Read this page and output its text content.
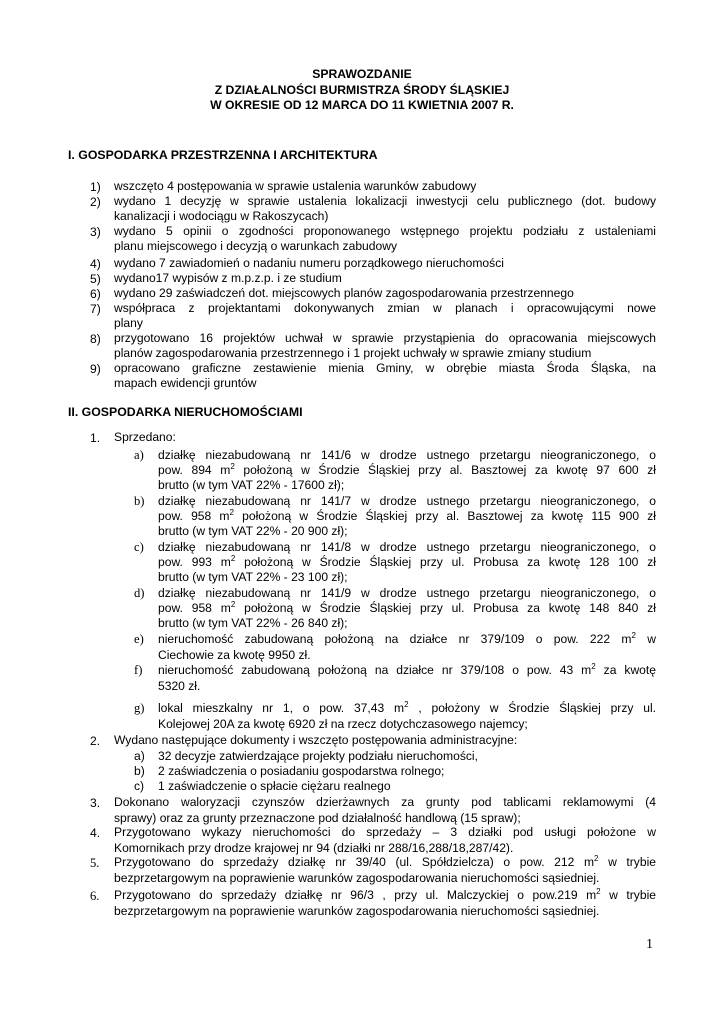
SPRAWOZDANIE
Z DZIAŁALNOŚCI BURMISTRZA ŚRODY ŚLĄSKIEJ
W OKRESIE OD 12 MARCA DO 11 KWIETNIA 2007 R.
I. GOSPODARKA PRZESTRZENNA I ARCHITEKTURA
1) wszczęto 4 postępowania w sprawie ustalenia warunków zabudowy
2) wydano 1 decyzję w sprawie ustalenia lokalizacji inwestycji celu publicznego (dot. budowy
kanalizacji i wodociągu w Rakoszycach)
3) wydano 5 opinii o zgodności proponowanego wstępnego projektu podziału z ustaleniami
planu miejscowego i decyzją o warunkach zabudowy
4) wydano 7 zawiadomień o nadaniu numeru porządkowego nieruchomości
5) wydano17 wypisów z m.p.z.p. i ze studium
6) wydano 29 zaświadczeń dot. miejscowych planów zagospodarowania przestrzennego
7) współpraca z projektantami dokonywanych zmian w planach i opracowującymi nowe
plany
8) przygotowano 16 projektów uchwał w sprawie przystąpienia do opracowania miejscowych
planów zagospodarowania przestrzennego i 1 projekt uchwały w sprawie zmiany studium
9) opracowano graficzne zestawienie mienia Gminy, w obrębie miasta Środa Śląska, na
mapach ewidencji gruntów
II. GOSPODARKA NIERUCHOMOŚCIAMI
1. Sprzedano:
a) działkę niezabudowaną nr 141/6 w drodze ustnego przetargu nieograniczonego, o
pow. 894 $m^2$ położoną w Środzie Śląskiej przy al. Basztowej za kwotę 97 600 zł
brutto (w tym VAT 22% - 17600 zł);
b) działkę niezabudowaną nr 141/7 w drodze ustnego przetargu nieograniczonego, o
pow. 958 $m^2$ położoną w Środzie Śląskiej przy al. Basztowej za kwotę 115 900 zł
brutto (w tym VAT 22% - 20 900 zł);
c) działkę niezabudowaną nr 141/8 w drodze ustnego przetargu nieograniczonego, o
pow. 993 $m^2$ położoną w Środzie Śląskiej przy ul. Probusa za kwotę 128 100 zł
brutto (w tym VAT 22% - 23 100 zł);
d) działkę niezabudowaną nr 141/9 w drodze ustnego przetargu nieograniczonego, o
pow. 958 $m^2$ położoną w Środzie Śląskiej przy ul. Probusa za kwotę 148 840 zł
brutto (w tym VAT 22% - 26 840 zł);
e) nieruchomość zabudowaną położoną na działce nr 379/109 o pow. 222 $m^2$ w
Ciechowie za kwotę 9950 zł.
f) nieruchomość zabudowaną położoną na działce nr 379/108 o pow. 43 $m^2$ za kwotę
5320 zł.
g) lokal mieszkalny nr 1, o pow. 37,43 $m^2$ , położony w Środzie Śląskiej przy ul.
Kolejowej 20A za kwotę 6920 zł na rzecz dotychczasowego najemcy;
2. Wydano następujące dokumenty i wszczęto postępowania administracyjne:
a) 32 decyzje zatwierdzające projekty podziału nieruchomości,
b) 2 zaświadczenia o posiadaniu gospodarstwa rolnego;
c) 1 zaświadczenie o spłacie ciężaru realnego
3. Dokonano waloryzacji czynszów dzierżawnych za grunty pod tablicami reklamowymi (4
sprawy) oraz za grunty przeznaczone pod działalność handlową (15 spraw);
4. Przygotowano wykazy nieruchomości do sprzedaży – 3 działki pod usługi położone w
Komornikach przy drodze krajowej nr 94 (działki nr 288/16,288/18,287/42).
5. Przygotowano do sprzedaży działkę nr 39/40 (ul. Spółdzielcza) o pow. 212 $m^2$ w trybie
bezprzetargowym na poprawienie warunków zagospodarowania nieruchomości sąsiedniej.
6. Przygotowano do sprzedaży działkę nr 96/3 , przy ul. Malczyckiej o pow.219 $m^2$ w trybie
bezprzetargowym na poprawienie warunków zagospodarowania nieruchomości sąsiedniej.
1
